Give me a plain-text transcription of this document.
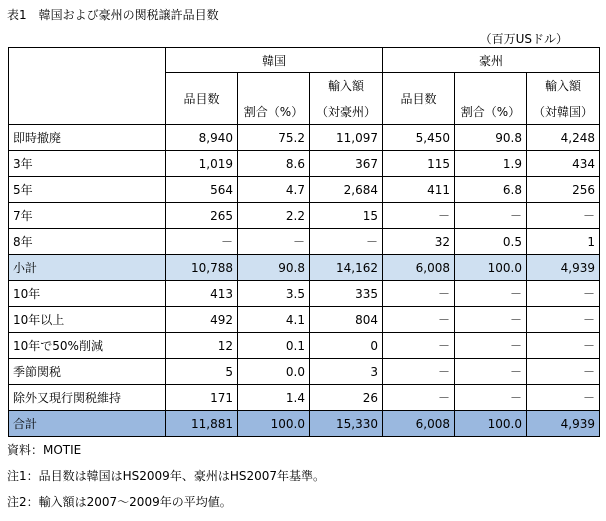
表1　韓国および豪州の関税譲許品目数
（百万USドル）
	韓国			豪州		
	品目数		輸入額	品目数		輸入額
		割合（%）	（対豪州）		割合（%）	（対韓国）
即時撤廃	8,940	75.2	11,097	5,450	90.8	4,248
3年	1,019	8.6	367	115	1.9	434
5年	564	4.7	2,684	411	6.8	256
7年	265	2.2	15	－	－	－
8年	－	－	－	32	0.5	1
小計	10,788	90.8	14,162	6,008	100.0	4,939
10年	413	3.5	335	－	－	－
10年以上	492	4.1	804	－	－	－
10年で50%削減	12	0.1	0	－	－	－
季節関税	5	0.0	3	－	－	－
除外又現行関税維持	171	1.4	26	－	－	－
合計	11,881	100.0	15,330	6,008	100.0	4,939
資料：MOTIE
注1：品目数は韓国はHS2009年、豪州はHS2007年基準。
注2：輸入額は2007～2009年の平均値。
